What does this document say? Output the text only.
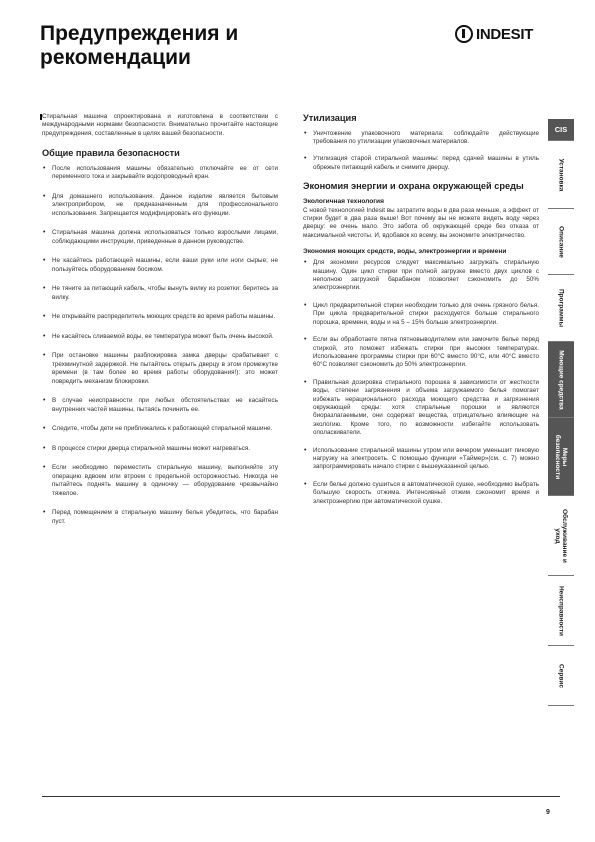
Предупреждения и рекомендации
INDESIT

Стиральная машина спроектирована и изготовлена в соответствии с международными нормами безопасности. Внимательно прочитайте настоящие предупреждения, составленные в целях вашей безопасности.

Общие правила безопасности
• После использования машины обязательно отключайте ее от сети переменного тока и закрывайте водопроводный кран.
• Для домашнего использования. Данное изделие является бытовым электроприбором, не предназначенным для профессионального использования. Запрещается модифицировать его функции.
• Стиральная машина должна использоваться только взрослыми лицами, соблюдающими инструкции, приведенные в данном руководстве.
• Не касайтесь работающей машины, если ваши руки или ноги сырые; не пользуйтесь оборудованием босиком.
• Не тяните за питающий кабель, чтобы вынуть вилку из розетки: беритесь за вилку.
• Не открывайте распределитель моющих средств во время работы машины.
• Не касайтесь сливаемой воды, ее температура может быть очень высокой.
• При остановке машины разблокировка замка дверцы срабатывает с трехминутной задержкой. Не пытайтесь открыть дверцу в этом промежутке времени (в там более во время работы оборудования!): это может повредить механизм блокировки.
• В случае неисправности при любых обстоятельствах не касайтесь внутренних частей машины, пытаясь починить ее.
• Следите, чтобы дети не приближались к работающей стиральной машине.
• В процессе стирки дверца стиральной машины может нагреваться.
• Если необходимо переместить стиральную машину, выполняйте эту операцию вдвоем или втроем с предельной осторожностью. Никогда не пытайтесь поднять машину в одиночку — оборудование чрезвычайно тяжелое.
• Перед помещением в стиральную машину белья убедитесь, что барабан пуст.
Утилизация
• Уничтожение упаковочного материала: соблюдайте действующие требования по утилизации упаковочных материалов.
• Утилизация старой стиральной машины: перед сдачей машины в утиль обрежьте питающий кабель и снимите дверцу.
Экономия энергии и охрана окружающей среды
Экологичная технология

С новой технологией Indesit вы затратите воды в два раза меньше, а эффект от стирки будет в два раза выше! Вот почему вы не можете видеть воду через дверцу: ее очень мало. Это забота об окружающей среде без отказа от максимальной чистоты. И, вдобавок ко всему, вы экономите электричество.

Экономия моющих средств, воды, электроэнергии и времени
• Для экономии ресурсов следует максимально загружать стиральную машину. Один цикл стирки при полной загрузке вместо двух циклов с неполною загрузкой барабаном позволяет сэкономить до 50% электроэнергии.
• Цикл предварительной стирки необходим только для очень грязного белья. При цикла предварительной стирки расходуется больше стирального порошка, времени, воды и на 5 – 15% больше электроэнергии.
• Если вы обработаете пятна пятновыводителем или замочите белье перед стиркой, это поможет избежать стирки при высоких температурах. Использование программы стирки при 60°С вместо 90°С, или 40°С вместо 60°С позволяет сэкономить до 50% электроэнергии.
• Правильная дозировка стирального порошка в зависимости от жесткости воды, степени загрязнения и объема загружаемого белья помогает избежать нерационального расхода моющего средства и загрязнения окружающей среды: хотя стиральные порошки и являются биоразлагаемыми, они содержат вещества, отрицательно влияющие на экологию. Кроме того, по возможности избегайте использовать ополаскиватели.
• Использование стиральной машины утром или вечером уменьшит пиковую нагрузку на электросеть. С помощью функции «Таймер»(см. с. 7) можно запрограммировать начало стирки с вышеуказанной целью.
• Если белье должно сушиться в автоматической сушке, необходимо выбрать большую скорость отжима. Интенсивный отжим сэкономит время и электроэнергию при автоматической сушке.
CIS
Установка
Описание
Программы
Моющие средства
Меры безопасности
Обслуживание и уход
Неисправности
Сервис
9
